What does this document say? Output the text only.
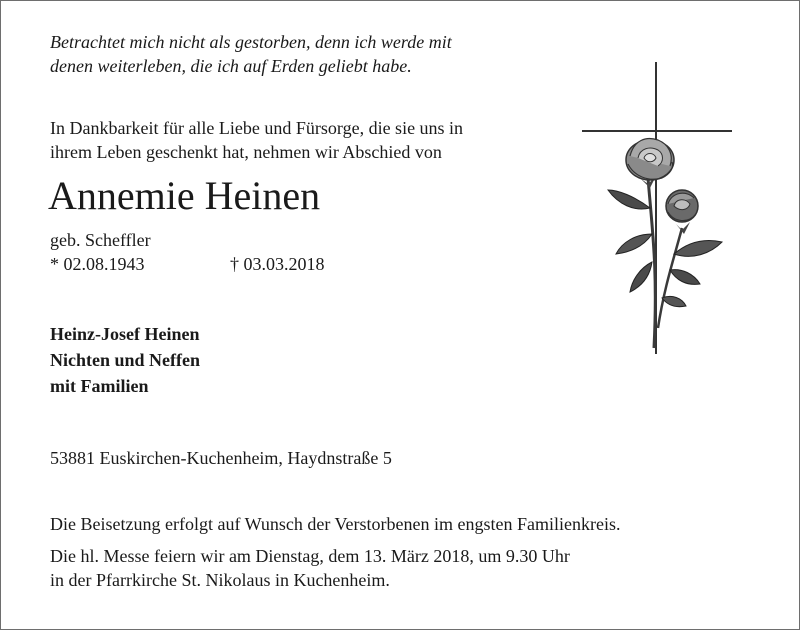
Betrachtet mich nicht als gestorben, denn ich werde mit
denen weiterleben, die ich auf Erden geliebt habe.
In Dankbarkeit für alle Liebe und Fürsorge, die sie uns in
ihrem Leben geschenkt hat, nehmen wir Abschied von
Annemie Heinen
geb. Scheffler
* 02.08.1943	† 03.03.2018
Heinz-Josef Heinen
Nichten und Neffen
mit Familien
53881 Euskirchen-Kuchenheim, Haydnstraße 5
Die Beisetzung erfolgt auf Wunsch der Verstorbenen im engsten Familienkreis.
Die hl. Messe feiern wir am Dienstag, dem 13. März 2018, um 9.30 Uhr
in der Pfarrkirche St. Nikolaus in Kuchenheim.
